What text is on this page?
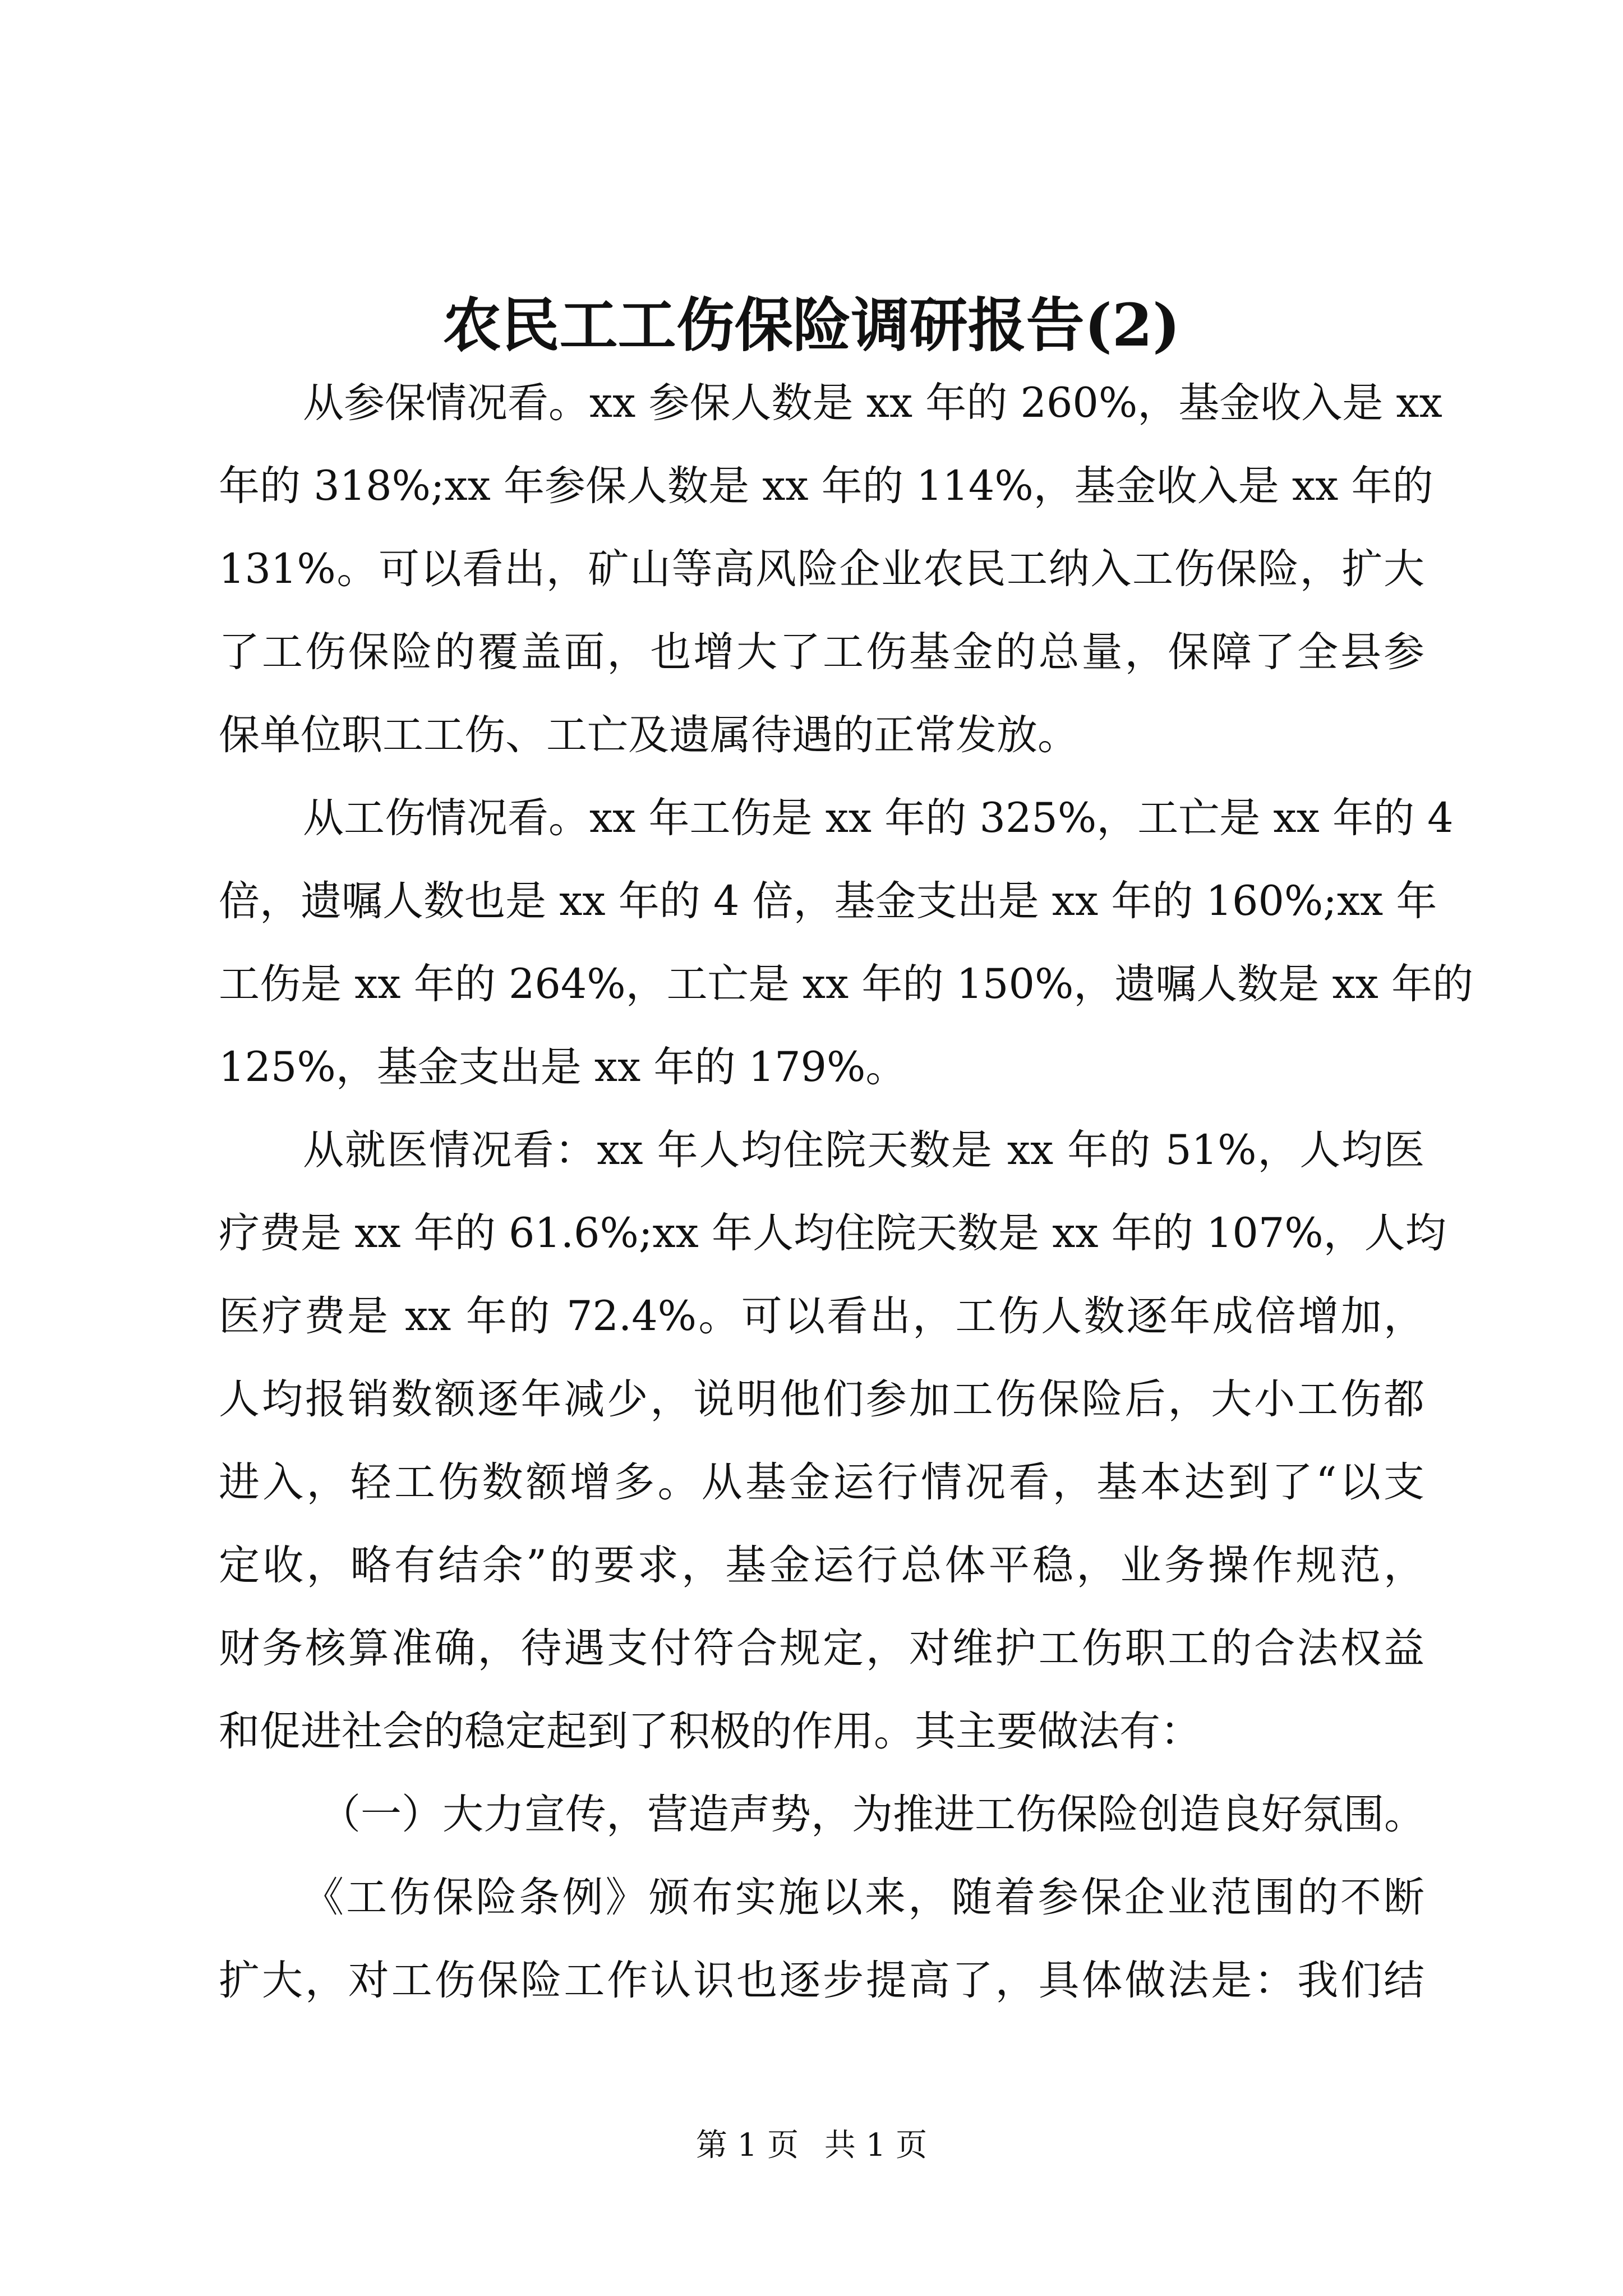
农民工工伤保险调研报告(2)
从参保情况看。xx 参保人数是 xx 年的 260%，基金收入是 xx
年的 318%;xx 年参保人数是 xx 年的 114%，基金收入是 xx 年的
131%。可以看出，矿山等高风险企业农民工纳入工伤保险，扩大
了工伤保险的覆盖面，也增大了工伤基金的总量，保障了全县参
保单位职工工伤、工亡及遗属待遇的正常发放。
从工伤情况看。xx 年工伤是 xx 年的 325%，工亡是 xx 年的 4
倍，遗嘱人数也是 xx 年的 4 倍，基金支出是 xx 年的 160%;xx 年
工伤是 xx 年的 264%，工亡是 xx 年的 150%，遗嘱人数是 xx 年的
125%，基金支出是 xx 年的 179%。
从就医情况看：xx 年人均住院天数是 xx 年的 51%，人均医
疗费是 xx 年的 61.6%;xx 年人均住院天数是 xx 年的 107%，人均
医疗费是 xx 年的 72.4%。可以看出，工伤人数逐年成倍增加，
人均报销数额逐年减少，说明他们参加工伤保险后，大小工伤都
进入，轻工伤数额增多。从基金运行情况看，基本达到了“以支
定收，略有结余”的要求，基金运行总体平稳，业务操作规范，
财务核算准确，待遇支付符合规定，对维护工伤职工的合法权益
和促进社会的稳定起到了积极的作用。其主要做法有：
（一）大力宣传，营造声势，为推进工伤保险创造良好氛围。
《工伤保险条例》颁布实施以来，随着参保企业范围的不断
扩大，对工伤保险工作认识也逐步提高了，具体做法是：我们结
第 1 页 共 1 页
